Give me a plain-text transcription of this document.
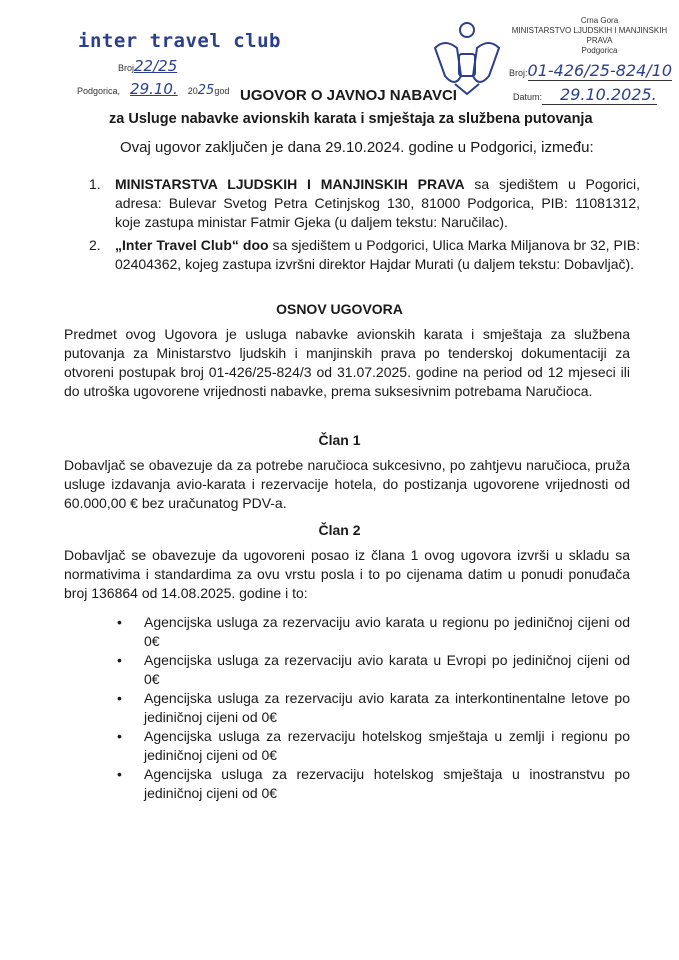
inter travel club
Broj22/25
Podgorica, 29.10. 2025god
Crna Gora
MINISTARSTVO LJUDSKIH I MANJINSKIH
PRAVA
Podgorica
Broj:01-426/25-824/10
Datum: 29.10.2025.
UGOVOR O JAVNOJ NABAVCI
za Usluge nabavke avionskih karata i smještaja za službena putovanja
Ovaj ugovor zaključen je dana 29.10.2024. godine u Podgorici, između:
1. MINISTARSTVA LJUDSKIH I MANJINSKIH PRAVA sa sjedištem u Pogorici, adresa: Bulevar Svetog Petra Cetinjskog 130, 81000 Podgorica, PIB: 11081312, koje zastupa ministar Fatmir Gjeka (u daljem tekstu: Naručilac).
2. „Inter Travel Club“ doo sa sjedištem u Podgorici, Ulica Marka Miljanova br 32, PIB: 02404362, kojeg zastupa izvršni direktor Hajdar Murati (u daljem tekstu: Dobavljač).
OSNOV UGOVORA
Predmet ovog Ugovora je usluga nabavke avionskih karata i smještaja za službena putovanja za Ministarstvo ljudskih i manjinskih prava po tenderskoj dokumentaciji za otvoreni postupak broj 01-426/25-824/3 od 31.07.2025. godine na period od 12 mjeseci ili do utroška ugovorene vrijednosti nabavke, prema suksesivnim potrebama Naručioca.
Član 1
Dobavljač se obavezuje da za potrebe naručioca sukcesivno, po zahtjevu naručioca, pruža usluge izdavanja avio-karata i rezervacije hotela, do postizanja ugovorene vrijednosti od 60.000,00 € bez uračunatog PDV-a.
Član 2
Dobavljač se obavezuje da ugovoreni posao iz člana 1 ovog ugovora izvrši u skladu sa normativima i standardima za ovu vrstu posla i to po cijenama datim u ponudi ponuđača broj 136864 od 14.08.2025. godine i to:
• Agencijska usluga za rezervaciju avio karata u regionu po jediničnoj cijeni od 0€
• Agencijska usluga za rezervaciju avio karata u Evropi po jediničnoj cijeni od 0€
• Agencijska usluga za rezervaciju avio karata za interkontinentalne letove po jediničnoj cijeni od 0€
• Agencijska usluga za rezervaciju hotelskog smještaja u zemlji i regionu po jediničnoj cijeni od 0€
• Agencijska usluga za rezervaciju hotelskog smještaja u inostranstvu po jediničnoj cijeni od 0€
